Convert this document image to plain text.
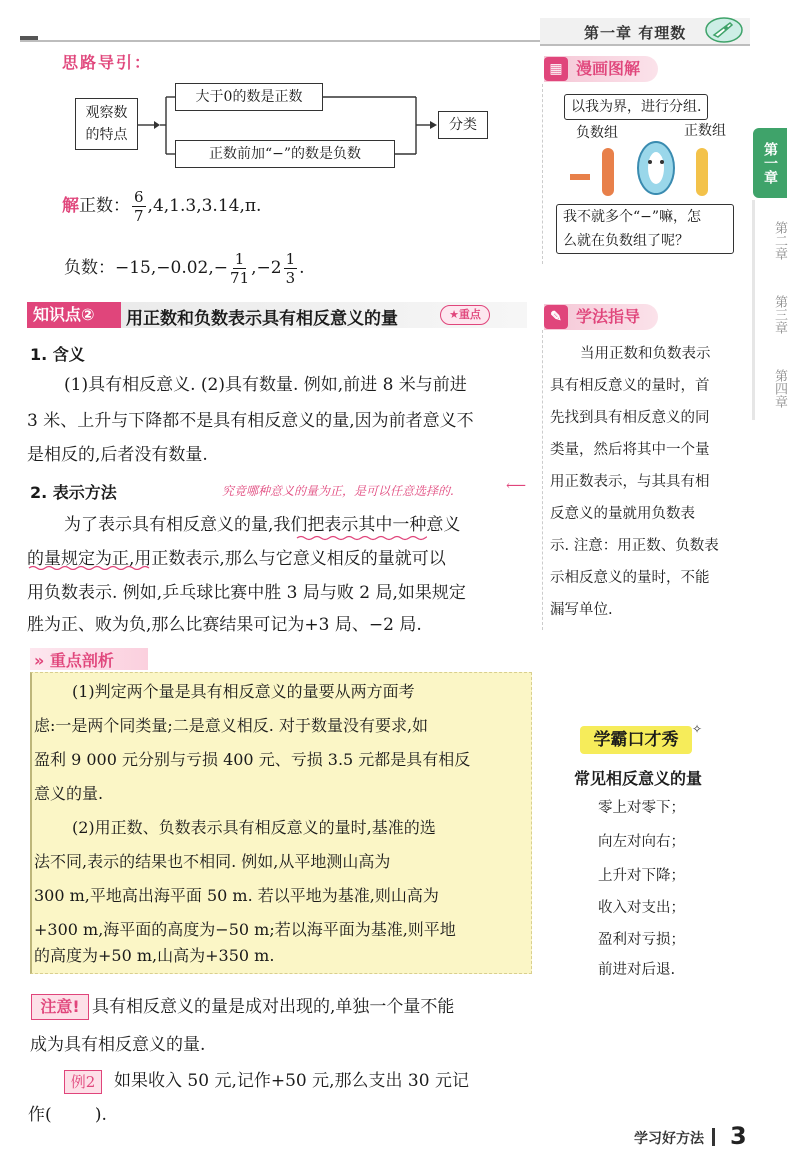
第一章 有理数
思路导引：
观察数
的特点
大于0的数是正数
正数前加“−”的数是负数
分类
解正数： $\frac{6}{7} ,4,1.3,3.14,\pi$.
负数：$-15,-0.02,- \frac{1}{71} ,-2 \frac{1}{3}$ .
知识点②	用正数和负数表示具有相反意义的量	★重点
1. 含义
(1)具有相反意义. (2)具有数量. 例如,前进 8 米与前进
3 米、上升与下降都不是具有相反意义的量,因为前者意义不
是相反的,后者没有数量.
2. 表示方法	究竟哪种意义的量为正，是可以任意选择的.	⟵
为了表示具有相反意义的量,我们把表示其中一种意义
的量规定为正,用正数表示,那么与它意义相反的量就可以
用负数表示. 例如,乒乓球比赛中胜 3 局与败 2 局,如果规定
胜为正、败为负,那么比赛结果可记为+3 局、−2 局.
» 重点剖析
(1)判定两个量是具有相反意义的量要从两方面考
虑:一是两个同类量;二是意义相反. 对于数量没有要求,如
盈利 9 000 元分别与亏损 400 元、亏损 3.5 元都是具有相反
意义的量.
(2)用正数、负数表示具有相反意义的量时,基准的选
法不同,表示的结果也不相同. 例如,从平地测山高为
300 m,平地高出海平面 50 m. 若以平地为基准,则山高为
+300 m,海平面的高度为−50 m;若以海平面为基准,则平地
的高度为+50 m,山高为+350 m.
注意! 具有相反意义的量是成对出现的,单独一个量不能
成为具有相反意义的量.
例2	如果收入 50 元,记作+50 元,那么支出 30 元记
作(        ).
漫画图解
▦
以我为界，进行分组.
负数组	正数组
我不就多个“−”嘛，怎
么就在负数组了呢？
学法指导
✎
当用正数和负数表示
具有相反意义的量时，首
先找到具有相反意义的同
类量，然后将其中一个量
用正数表示，与其具有相
反意义的量就用负数表
示. 注意：用正数、负数表
示相反意义的量时，不能
漏写单位.
学霸口才秀
✧
常见相反意义的量
零上对零下；
向左对向右；
上升对下降；
收入对支出；
盈利对亏损；
前进对后退.
第一章
第二章
第三章
第四章
学习好方法 3
